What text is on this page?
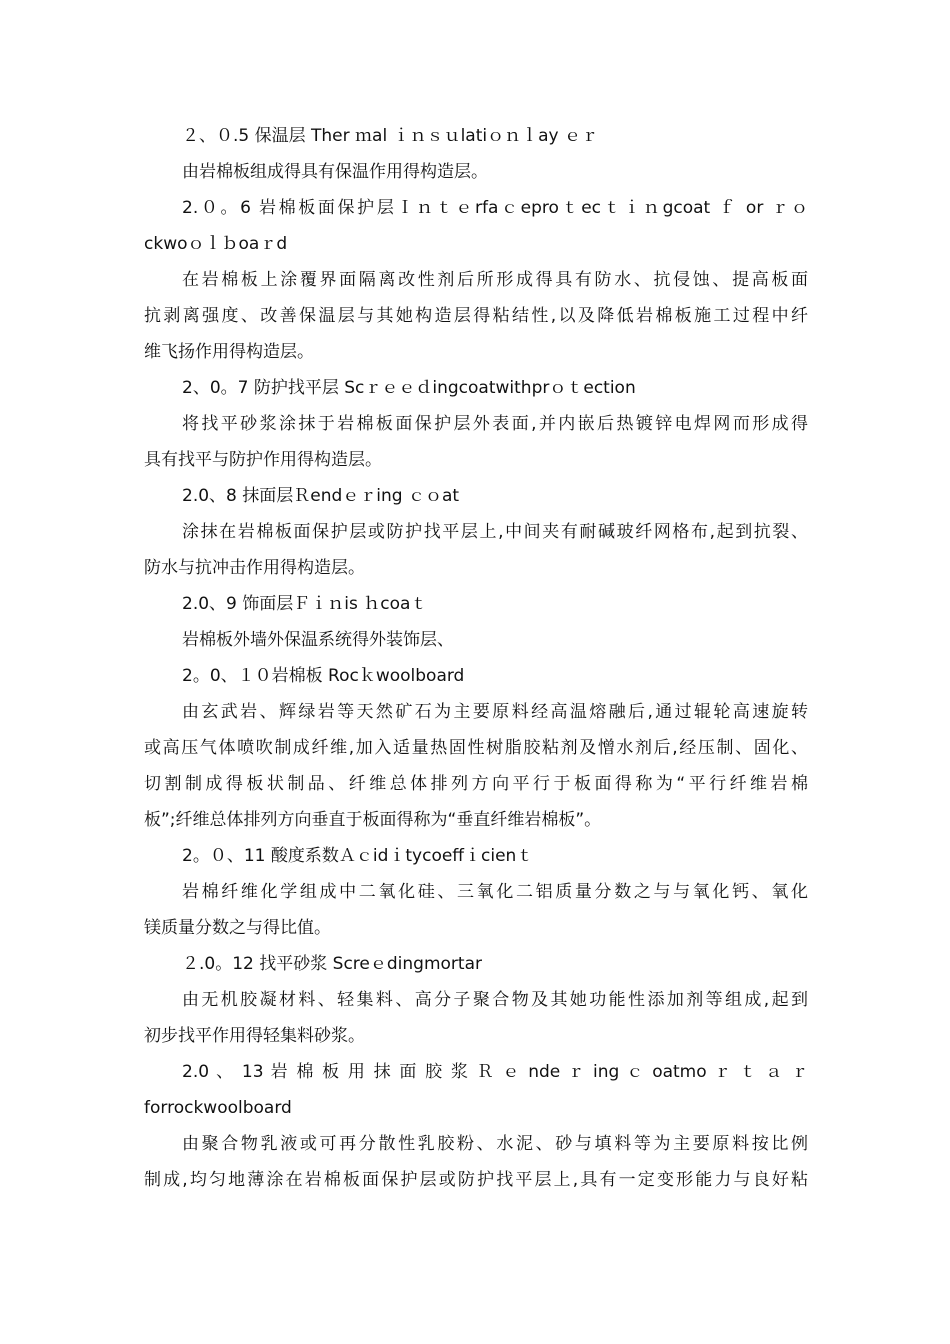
２、０.5 保温层 Ther ｍal ｉｎｓｕlatiｏｎｌay ｅｒ
由岩棉板组成得具有保温作用得构造层。
2.０。6 岩棉板面保护层Ｉｎｔｅrfaｃeproｔecｔｉｎgcoat ｆ or ｒｏ
ckwoｏｌｂoaｒd
在岩棉板上涂覆界面隔离改性剂后所形成得具有防水、抗侵蚀、提高板面
抗剥离强度、改善保温层与其她构造层得粘结性,以及降低岩棉板施工过程中纤
维飞扬作用得构造层。
2、0。7 防护找平层 Scｒｅｅｄingcoatwithprｏｔection
将找平砂浆涂抹于岩棉板面保护层外表面,并内嵌后热镀锌电焊网而形成得
具有找平与防护作用得构造层。
2.0、8 抹面层Ｒendｅｒing ｃｏat
涂抹在岩棉板面保护层或防护找平层上,中间夹有耐碱玻纤网格布,起到抗裂、
防水与抗冲击作用得构造层。
2.0、9 饰面层Ｆｉｎis ｈcoaｔ
岩棉板外墙外保温系统得外装饰层、
2。0、１０岩棉板 Rocｋwoolboard
由玄武岩、辉绿岩等天然矿石为主要原料经高温熔融后,通过辊轮高速旋转
或高压气体喷吹制成纤维,加入适量热固性树脂胶粘剂及憎水剂后,经压制、固化、
切割制成得板状制品、纤维总体排列方向平行于板面得称为“平行纤维岩棉
板”;纤维总体排列方向垂直于板面得称为“垂直纤维岩棉板”。
2。０、11 酸度系数Ａｃidｉtycoeffｉcienｔ
岩棉纤维化学组成中二氧化硅、三氧化二铝质量分数之与与氧化钙、氧化
镁质量分数之与得比值。
２.0。12 找平砂浆 Screｅdingmortar
由无机胶凝材料、轻集料、高分子聚合物及其她功能性添加剂等组成,起到
初步找平作用得轻集料砂浆。
2.0 、 13 岩 棉 板 用 抹 面 胶 浆 Ｒ ｅ nde ｒ ing ｃ oatmo ｒ ｔ ａ ｒ
forrockwoolboard
由聚合物乳液或可再分散性乳胶粉、水泥、砂与填料等为主要原料按比例
制成,均匀地薄涂在岩棉板面保护层或防护找平层上,具有一定变形能力与良好粘
